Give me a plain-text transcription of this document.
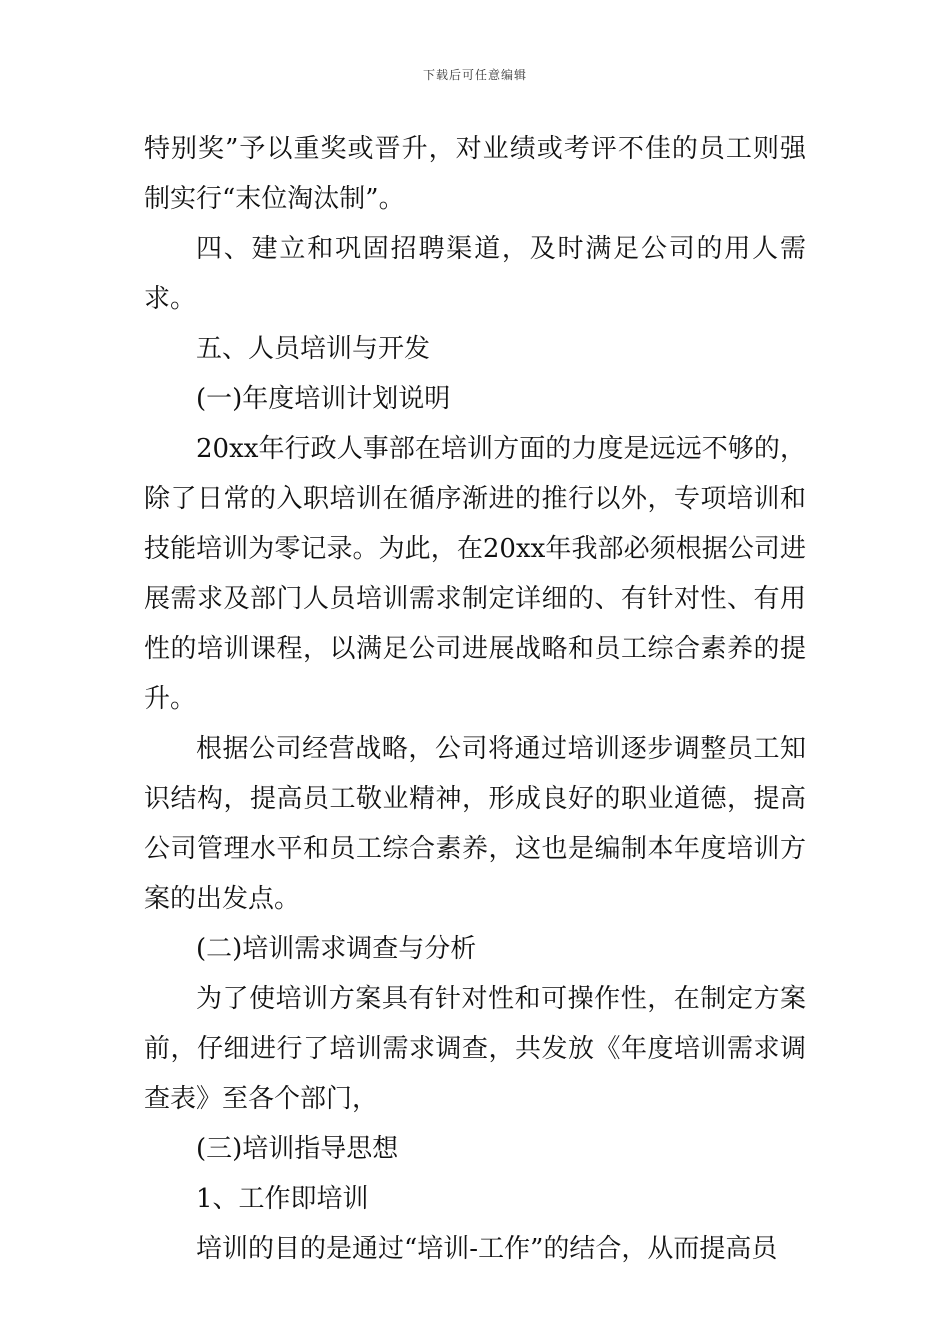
下载后可任意编辑

特别奖”予以重奖或晋升，对业绩或考评不佳的员工则强制实行“末位淘汰制”。

四、建立和巩固招聘渠道，及时满足公司的用人需求。

五、人员培训与开发

(一)年度培训计划说明

20xx年行政人事部在培训方面的力度是远远不够的，除了日常的入职培训在循序渐进的推行以外，专项培训和技能培训为零记录。为此，在20xx年我部必须根据公司进展需求及部门人员培训需求制定详细的、有针对性、有用性的培训课程，以满足公司进展战略和员工综合素养的提升。

根据公司经营战略，公司将通过培训逐步调整员工知识结构，提高员工敬业精神，形成良好的职业道德，提高公司管理水平和员工综合素养，这也是编制本年度培训方案的出发点。

(二)培训需求调查与分析

为了使培训方案具有针对性和可操作性，在制定方案前，仔细进行了培训需求调查，共发放《年度培训需求调查表》至各个部门，

(三)培训指导思想

1、工作即培训

培训的目的是通过“培训-工作”的结合，从而提高员
